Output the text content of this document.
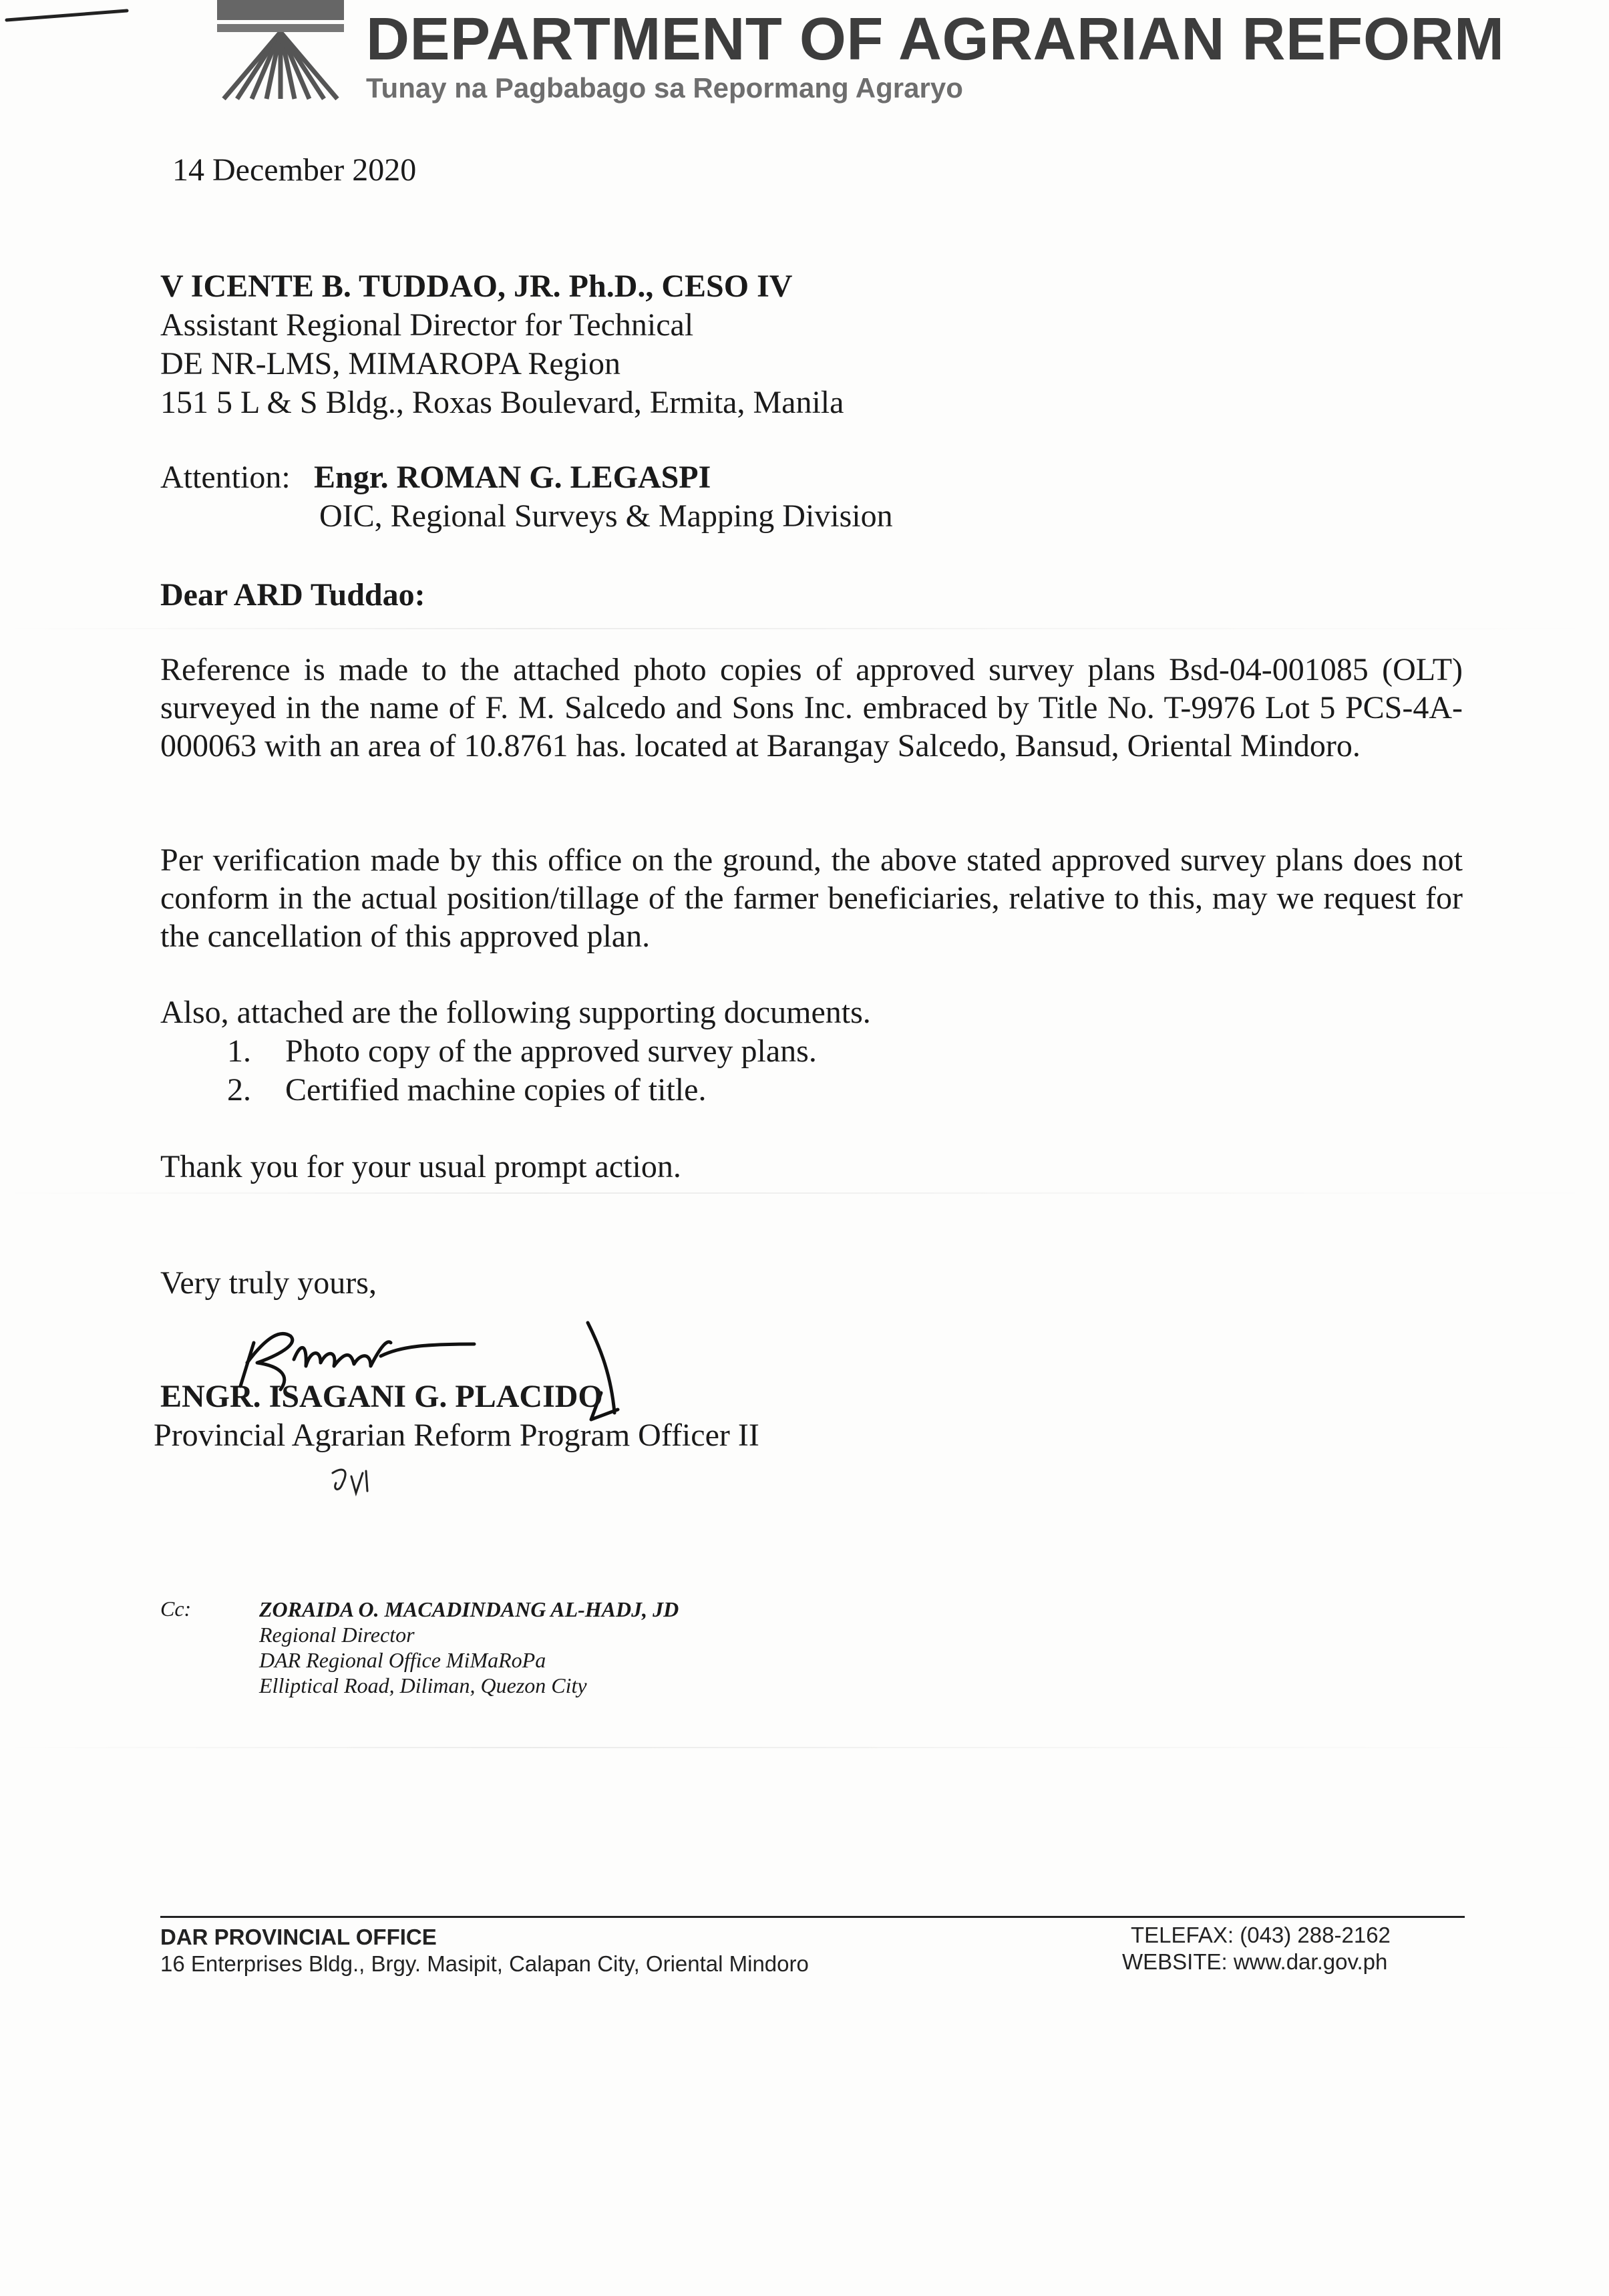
DEPARTMENT OF AGRARIAN REFORM
Tunay na Pagbabago sa Repormang Agraryo
14 December 2020
V ICENTE B. TUDDAO, JR. Ph.D., CESO IV
Assistant Regional Director for Technical
DE NR-LMS, MIMAROPA Region
151 5 L & S Bldg., Roxas Boulevard, Ermita, Manila
Attention: Engr. ROMAN G. LEGASPI
OIC, Regional Surveys & Mapping Division
Dear ARD Tuddao:
Reference is made to the attached photo copies of approved survey plans Bsd-04-001085 (OLT) surveyed in the name of F. M. Salcedo and Sons Inc. embraced by Title No. T-9976 Lot 5 PCS-4A- 000063 with an area of 10.8761 has. located at Barangay Salcedo, Bansud, Oriental Mindoro.
Per verification made by this office on the ground, the above stated approved survey plans does not conform in the actual position/tillage of the farmer beneficiaries, relative to this, may we request for the cancellation of this approved plan.
Also, attached are the following supporting documents.
1. Photo copy of the approved survey plans.
2. Certified machine copies of title.
Thank you for your usual prompt action.
Very truly yours,
ENGR. ISAGANI G. PLACIDO
Provincial Agrarian Reform Program Officer II
Cc:	ZORAIDA O. MACADINDANG AL-HADJ, JD
Regional Director
DAR Regional Office MiMaRoPa
Elliptical Road, Diliman, Quezon City
DAR PROVINCIAL OFFICE
16 Enterprises Bldg., Brgy. Masipit, Calapan City, Oriental Mindoro
TELEFAX: (043) 288-2162
WEBSITE: www.dar.gov.ph
